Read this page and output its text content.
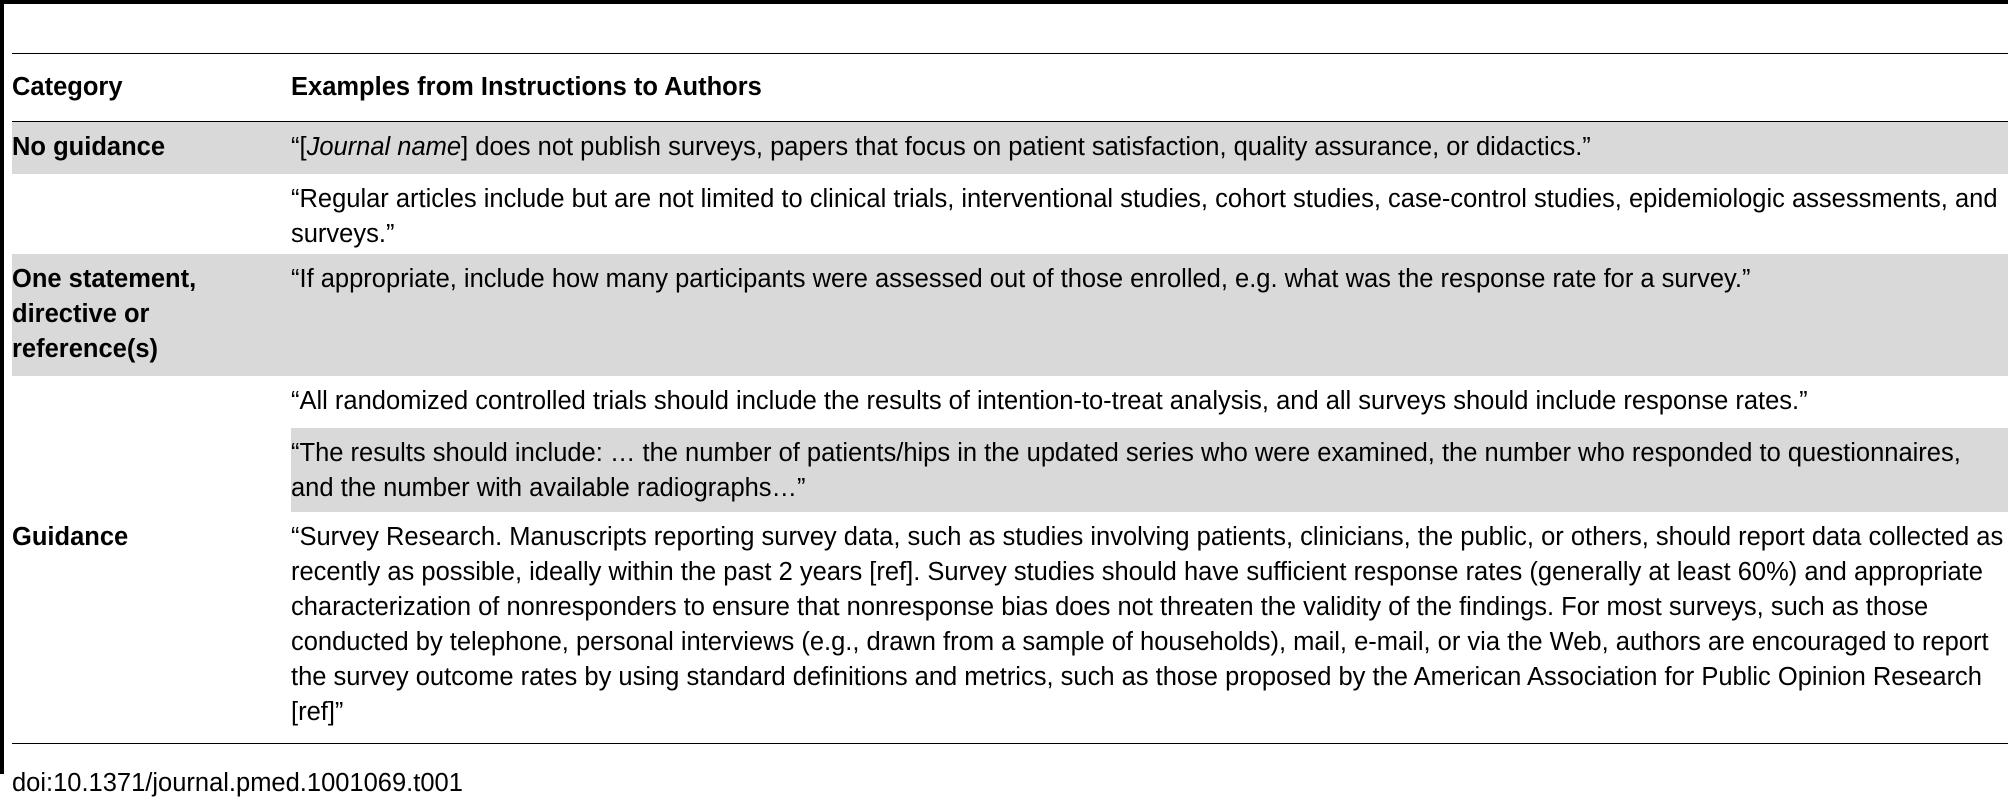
Category	Examples from Instructions to Authors
No guidance	“[Journal name] does not publish surveys, papers that focus on patient satisfaction, quality assurance, or didactics.”
	“Regular articles include but are not limited to clinical trials, interventional studies, cohort studies, case-control studies, epidemiologic assessments, and surveys.”
One statement, directive or reference(s)	“If appropriate, include how many participants were assessed out of those enrolled, e.g. what was the response rate for a survey.”
	“All randomized controlled trials should include the results of intention-to-treat analysis, and all surveys should include response rates.”
	“The results should include: … the number of patients/hips in the updated series who were examined, the number who responded to questionnaires, and the number with available radiographs…”
Guidance	“Survey Research. Manuscripts reporting survey data, such as studies involving patients, clinicians, the public, or others, should report data collected as recently as possible, ideally within the past 2 years [ref]. Survey studies should have sufficient response rates (generally at least 60%) and appropriate characterization of nonresponders to ensure that nonresponse bias does not threaten the validity of the findings. For most surveys, such as those conducted by telephone, personal interviews (e.g., drawn from a sample of households), mail, e-mail, or via the Web, authors are encouraged to report the survey outcome rates by using standard definitions and metrics, such as those proposed by the American Association for Public Opinion Research [ref]”
doi:10.1371/journal.pmed.1001069.t001
